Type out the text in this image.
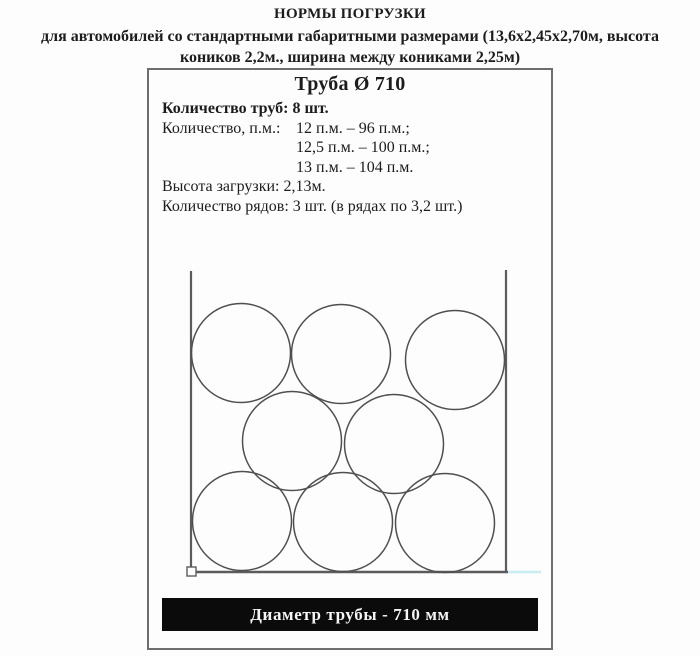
НОРМЫ ПОГРУЗКИ
для автомобилей со стандартными габаритными размерами (13,6х2,45х2,70м, высота
коников 2,2м., ширина между кониками 2,25м)
Труба Ø 710
Количество труб: 8 шт.
Количество, п.м.: 12 п.м. – 96 п.м.;
12,5 п.м. – 100 п.м.;
13 п.м. – 104 п.м.
Высота загрузки: 2,13м.
Количество рядов: 3 шт. (в рядах по 3,2 шт.)
Диаметр трубы - 710 мм
